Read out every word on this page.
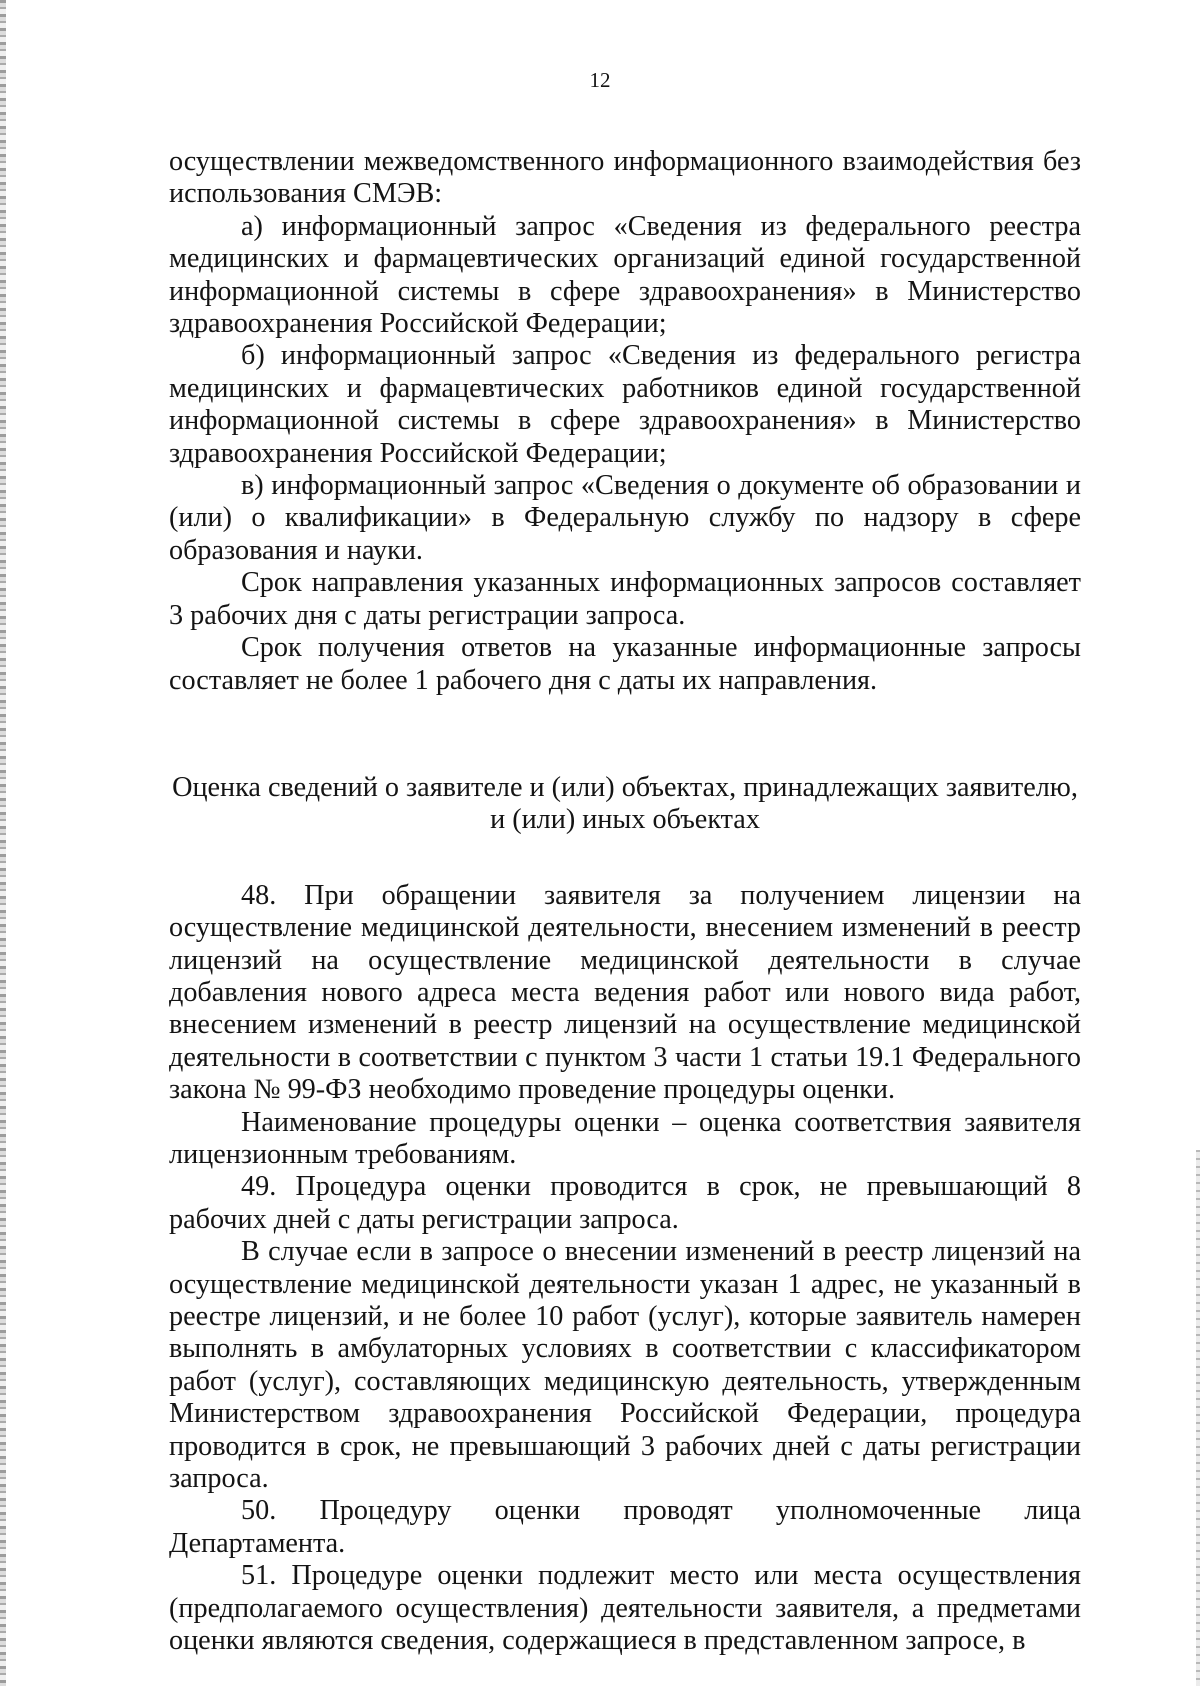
12

осуществлении межведомственного информационного взаимодействия без использования СМЭВ:

а) информационный запрос «Сведения из федерального реестра медицинских и фармацевтических организаций единой государственной информационной системы в сфере здравоохранения» в Министерство здравоохранения Российской Федерации;

б) информационный запрос «Сведения из федерального регистра медицинских и фармацевтических работников единой государственной информационной системы в сфере здравоохранения» в Министерство здравоохранения Российской Федерации;

в) информационный запрос «Сведения о документе об образовании и (или) о квалификации» в Федеральную службу по надзору в сфере образования и науки.

Срок направления указанных информационных запросов составляет 3 рабочих дня с даты регистрации запроса.

Срок получения ответов на указанные информационные запросы составляет не более 1 рабочего дня с даты их направления.

Оценка сведений о заявителе и (или) объектах, принадлежащих заявителю,
и (или) иных объектах

48. При обращении заявителя за получением лицензии на осуществление медицинской деятельности, внесением изменений в реестр лицензий на осуществление медицинской деятельности в случае добавления нового адреса места ведения работ или нового вида работ, внесением изменений в реестр лицензий на осуществление медицинской деятельности в соответствии с пунктом 3 части 1 статьи 19.1 Федерального закона № 99-ФЗ необходимо проведение процедуры оценки.

Наименование процедуры оценки – оценка соответствия заявителя лицензионным требованиям.

49. Процедура оценки проводится в срок, не превышающий 8 рабочих дней с даты регистрации запроса.

В случае если в запросе о внесении изменений в реестр лицензий на осуществление медицинской деятельности указан 1 адрес, не указанный в реестре лицензий, и не более 10 работ (услуг), которые заявитель намерен выполнять в амбулаторных условиях в соответствии с классификатором работ (услуг), составляющих медицинскую деятельность, утвержденным Министерством здравоохранения Российской Федерации, процедура проводится в срок, не превышающий 3 рабочих дней с даты регистрации запроса.

50. Процедуру оценки проводят уполномоченные лица Департамента.

51. Процедуре оценки подлежит место или места осуществления (предполагаемого осуществления) деятельности заявителя, а предметами оценки являются сведения, содержащиеся в представленном запросе, в
